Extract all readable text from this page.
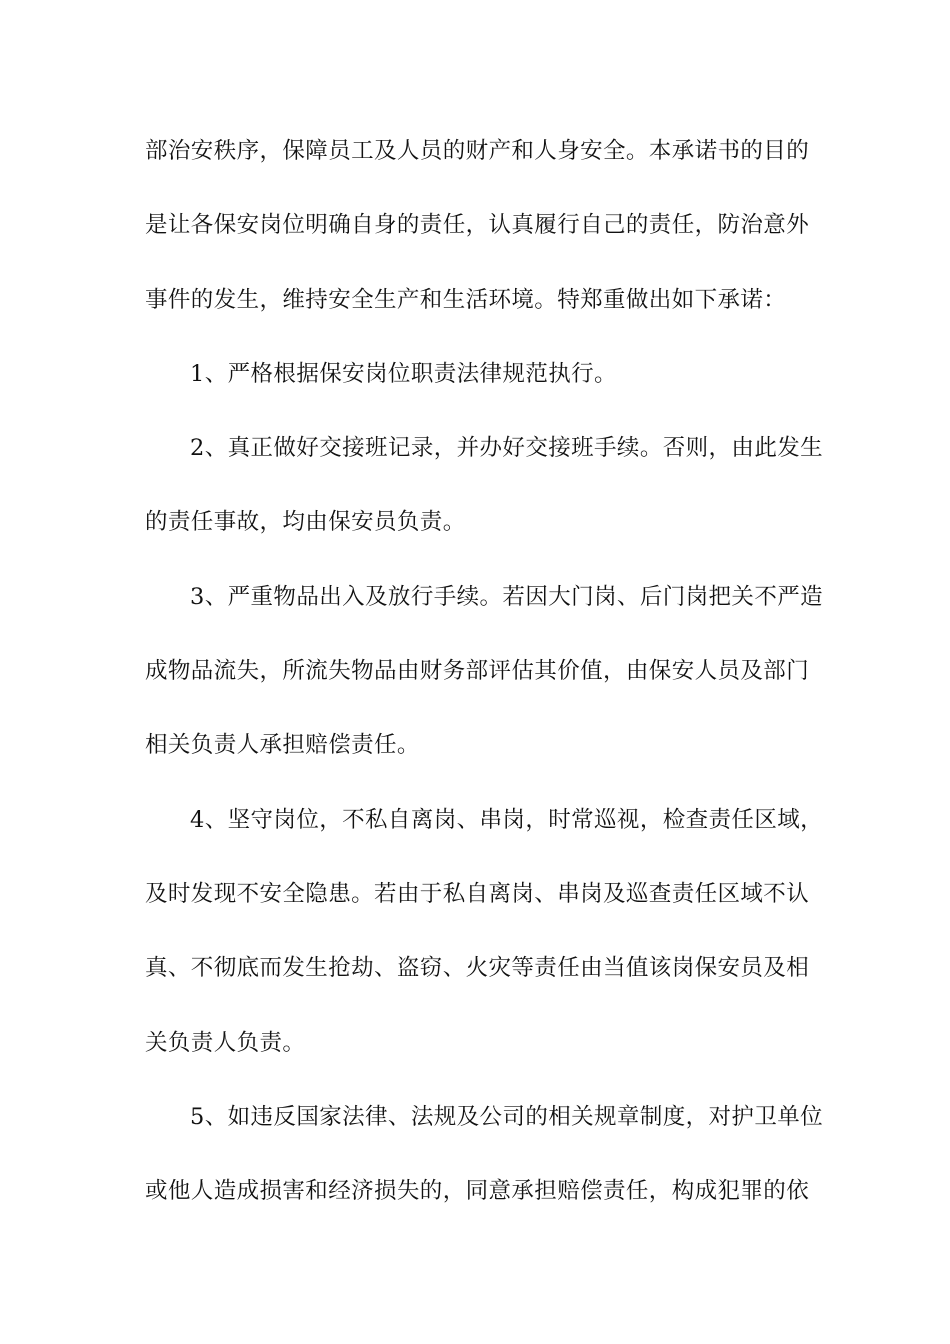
部治安秩序，保障员工及人员的财产和人身安全。本承诺书的目的
是让各保安岗位明确自身的责任，认真履行自己的责任，防治意外
事件的发生，维持安全生产和生活环境。特郑重做出如下承诺：
1、严格根据保安岗位职责法律规范执行。
2、真正做好交接班记录，并办好交接班手续。否则，由此发生
的责任事故，均由保安员负责。
3、严重物品出入及放行手续。若因大门岗、后门岗把关不严造
成物品流失，所流失物品由财务部评估其价值，由保安人员及部门
相关负责人承担赔偿责任。
4、坚守岗位，不私自离岗、串岗，时常巡视，检查责任区域，
及时发现不安全隐患。若由于私自离岗、串岗及巡查责任区域不认
真、不彻底而发生抢劫、盗窃、火灾等责任由当值该岗保安员及相
关负责人负责。
5、如违反国家法律、法规及公司的相关规章制度，对护卫单位
或他人造成损害和经济损失的，同意承担赔偿责任，构成犯罪的依
